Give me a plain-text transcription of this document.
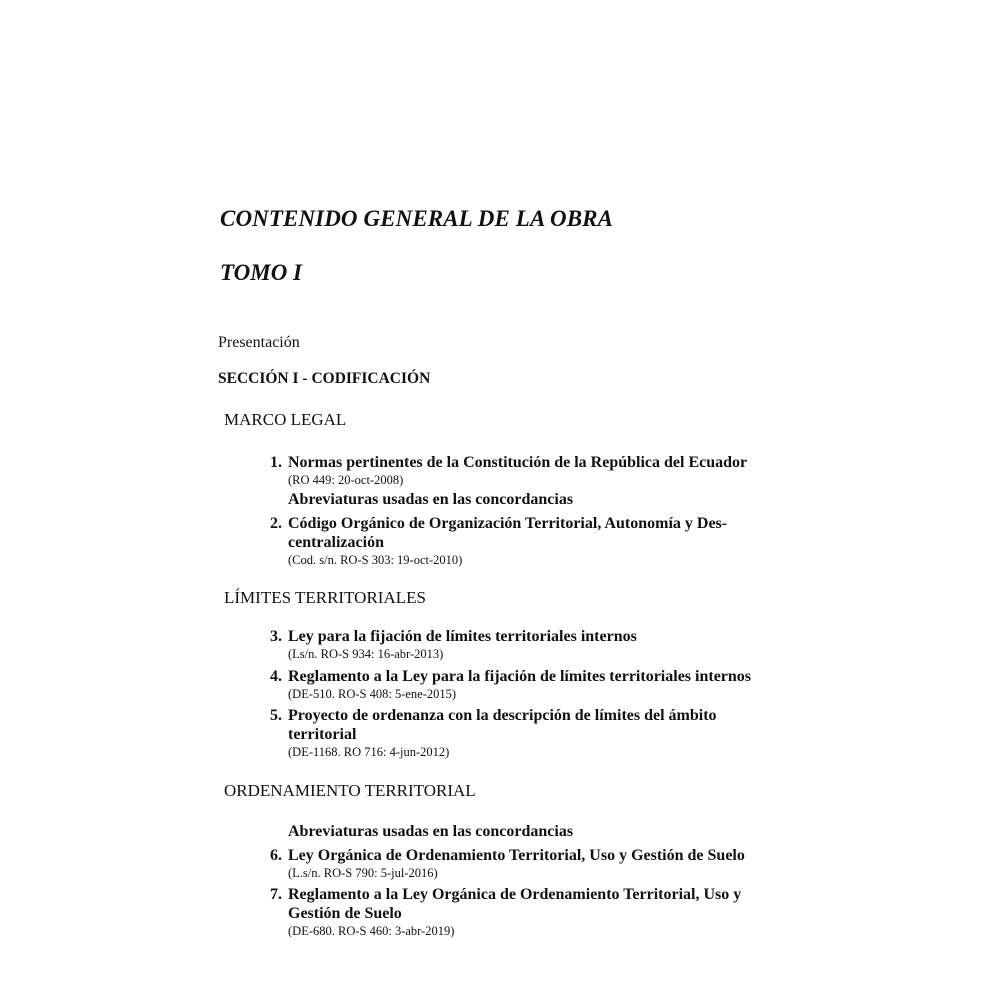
CONTENIDO GENERAL DE LA OBRA
TOMO I
Presentación
SECCIÓN I - CODIFICACIÓN
MARCO LEGAL
1. Normas pertinentes de la Constitución de la República del Ecuador
(RO 449: 20-oct-2008)
Abreviaturas usadas en las concordancias
2. Código Orgánico de Organización Territorial, Autonomía y Des-
centralización
(Cod. s/n. RO-S 303: 19-oct-2010)
LÍMITES TERRITORIALES
3. Ley para la fijación de límites territoriales internos
(Ls/n. RO-S 934: 16-abr-2013)
4. Reglamento a la Ley para la fijación de límites territoriales internos
(DE-510. RO-S 408: 5-ene-2015)
5. Proyecto de ordenanza con la descripción de límites del ámbito
territorial
(DE-1168. RO 716: 4-jun-2012)
ORDENAMIENTO TERRITORIAL
Abreviaturas usadas en las concordancias
6. Ley Orgánica de Ordenamiento Territorial, Uso y Gestión de Suelo
(L.s/n. RO-S 790: 5-jul-2016)
7. Reglamento a la Ley Orgánica de Ordenamiento Territorial, Uso y
Gestión de Suelo
(DE-680. RO-S 460: 3-abr-2019)
